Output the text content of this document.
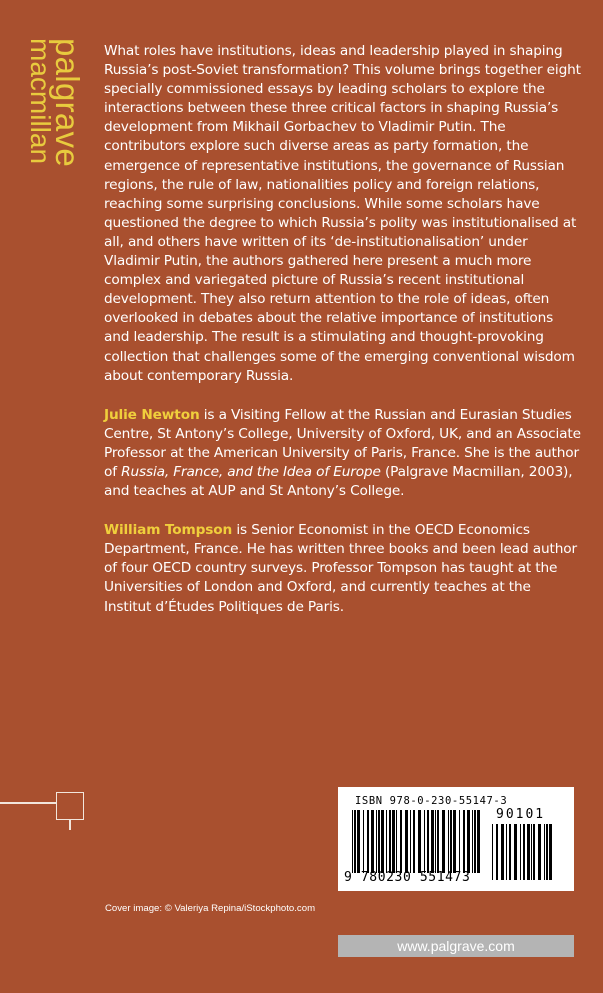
palgrave
macmillan	What roles have institutions, ideas and leadership played in shaping Russia’s post-Soviet transformation? This volume brings together eight specially commissioned essays by leading scholars to explore the interactions between these three critical factors in shaping Russia’s development from Mikhail Gorbachev to Vladimir Putin. The contributors explore such diverse areas as party formation, the emergence of representative institutions, the governance of Russian regions, the rule of law, nationalities policy and foreign relations, reaching some surprising conclusions. While some scholars have questioned the degree to which Russia’s polity was institutionalised at all, and others have written of its ‘de-institutionalisation’ under Vladimir Putin, the authors gathered here present a much more complex and variegated picture of Russia’s recent institutional development. They also return attention to the role of ideas, often overlooked in debates about the relative importance of institutions and leadership. The result is a stimulating and thought-provoking collection that challenges some of the emerging conventional wisdom about contemporary Russia.

Julie Newton is a Visiting Fellow at the Russian and Eurasian Studies Centre, St Antony’s College, University of Oxford, UK, and an Associate Professor at the American University of Paris, France. She is the author of Russia, France, and the Idea of Europe (Palgrave Macmillan, 2003), and teaches at AUP and St Antony’s College.

William Tompson is Senior Economist in the OECD Economics Department, France. He has written three books and been lead author of four OECD country surveys. Professor Tompson has taught at the Universities of London and Oxford, and currently teaches at the Institut d’Études Politiques de Paris.

ISBN 978-0-230-55147-3
9 780230 551473
90101
Cover image: © Valeriya Repina/iStockphoto.com
www.palgrave.com
